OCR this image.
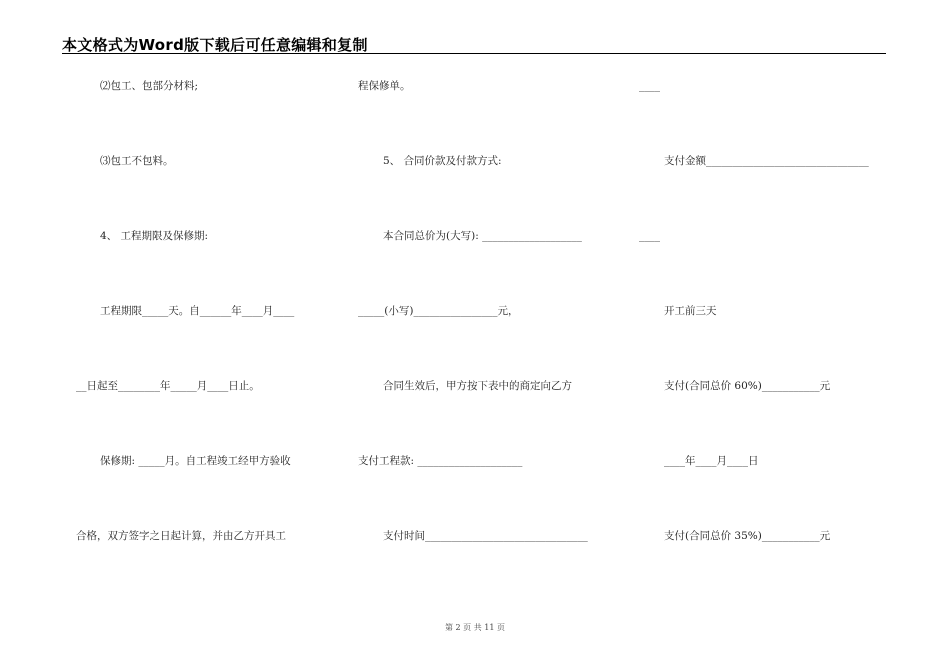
本文格式为Word版下载后可任意编辑和复制
⑵包工、包部分材料;
⑶包工不包料。
4、 工程期限及保修期:
工程期限_____天。自______年____月____
__日起至________年_____月____日止。
保修期: _____月。自工程竣工经甲方验收
合格，双方签字之日起计算，并由乙方开具工
程保修单。
5、 合同价款及付款方式:
本合同总价为(大写): ___________________
_____(小写)________________元，
合同生效后，甲方按下表中的商定向乙方
支付工程款: ____________________
支付时间_______________________________
____
支付金额_______________________________
____
开工前三天
支付(合同总价 60%)___________元
____年____月____日
支付(合同总价 35%)___________元
第 2 页 共 11 页
